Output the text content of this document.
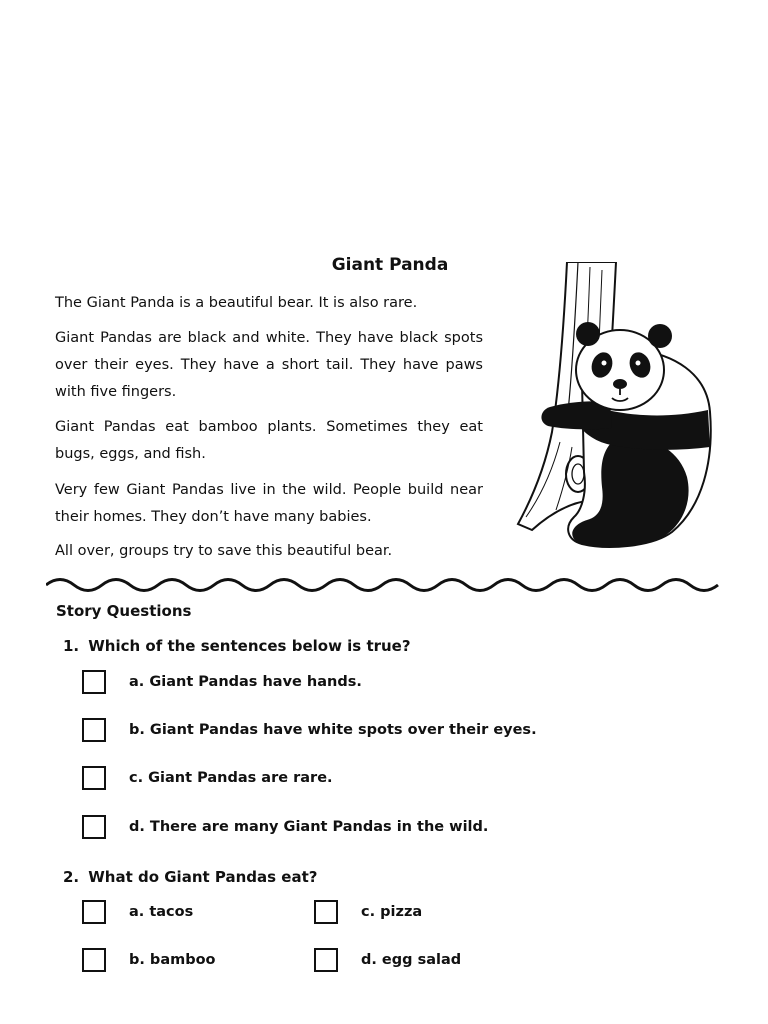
Giant Panda

The Giant Panda is a beautiful bear. It is also rare.

Giant Pandas are black and white. They have black spots over their eyes. They have a short tail. They have paws with five fingers.

Giant Pandas eat bamboo plants. Sometimes they eat bugs, eggs, and fish.

Very few Giant Pandas live in the wild. People build near their homes. They don’t have many babies.

All over, groups try to save this beautiful bear.

Story Questions
1. Which of the sentences below is true?
a. Giant Pandas have hands.
b. Giant Pandas have white spots over their eyes.
c. Giant Pandas are rare.
d. There are many Giant Pandas in the wild.
2. What do Giant Pandas eat?
a. tacos	c. pizza
b. bamboo	d. egg salad
